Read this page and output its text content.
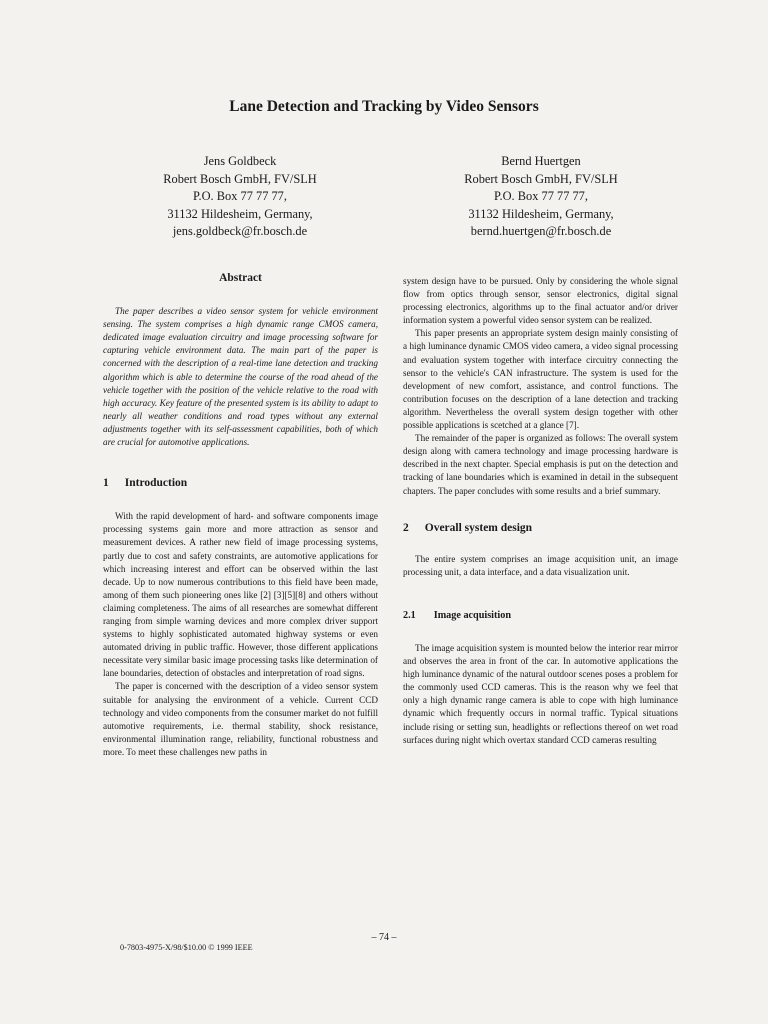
Lane Detection and Tracking by Video Sensors
Jens Goldbeck
Robert Bosch GmbH, FV/SLH
P.O. Box 77 77 77,
31132 Hildesheim, Germany,
jens.goldbeck@fr.bosch.de
Bernd Huertgen
Robert Bosch GmbH, FV/SLH
P.O. Box 77 77 77,
31132 Hildesheim, Germany,
bernd.huertgen@fr.bosch.de
Abstract

The paper describes a video sensor system for vehicle environment sensing. The system comprises a high dynamic range CMOS camera, dedicated image evaluation circuitry and image processing software for capturing vehicle environment data. The main part of the paper is concerned with the description of a real-time lane detection and tracking algorithm which is able to determine the course of the road ahead of the vehicle together with the position of the vehicle relative to the road with high accuracy. Key feature of the presented system is its ability to adapt to nearly all weather conditions and road types without any external adjustments together with its self-assessment capabilities, both of which are crucial for automotive applications.

1 Introduction

With the rapid development of hard- and software components image processing systems gain more and more attraction as sensor and measurement devices. A rather new field of image processing systems, partly due to cost and safety constraints, are automotive applications for which increasing interest and effort can be observed within the last decade. Up to now numerous contributions to this field have been made, among of them such pioneering ones like [2] [3][5][8] and others without claiming completeness. The aims of all researches are somewhat different ranging from simple warning devices and more complex driver support systems to highly sophisticated automated highway systems or even automated driving in public traffic. However, those different applications necessitate very similar basic image processing tasks like determination of lane boundaries, detection of obstacles and interpretation of road signs.

The paper is concerned with the description of a video sensor system suitable for analysing the environment of a vehicle. Current CCD technology and video components from the consumer market do not fulfill automotive requirements, i.e. thermal stability, shock resistance, environmental illumination range, reliability, functional robustness and more. To meet these challenges new paths in

system design have to be pursued. Only by considering the whole signal flow from optics through sensor, sensor electronics, digital signal processing electronics, algorithms up to the final actuator and/or driver information system a powerful video sensor system can be realized.

This paper presents an appropriate system design mainly consisting of a high luminance dynamic CMOS video camera, a video signal processing and evaluation system together with interface circuitry connecting the sensor to the vehicle's CAN infrastructure. The system is used for the development of new comfort, assistance, and control functions. The contribution focuses on the description of a lane detection and tracking algorithm. Nevertheless the overall system design together with other possible applications is scetched at a glance [7].

The remainder of the paper is organized as follows: The overall system design along with camera technology and image processing hardware is described in the next chapter. Special emphasis is put on the detection and tracking of lane boundaries which is examined in detail in the subsequent chapters. The paper concludes with some results and a brief summary.

2 Overall system design

The entire system comprises an image acquisition unit, an image processing unit, a data interface, and a data visualization unit.

2.1 Image acquisition

The image acquisition system is mounted below the interior rear mirror and observes the area in front of the car. In automotive applications the high luminance dynamic of the natural outdoor scenes poses a problem for the commonly used CCD cameras. This is the reason why we feel that only a high dynamic range camera is able to cope with high luminance dynamic which frequently occurs in normal traffic. Typical situations include rising or setting sun, headlights or reflections thereof on wet road surfaces during night which overtax standard CCD cameras resulting

– 74 –
0-7803-4975-X/98/$10.00 © 1999 IEEE
